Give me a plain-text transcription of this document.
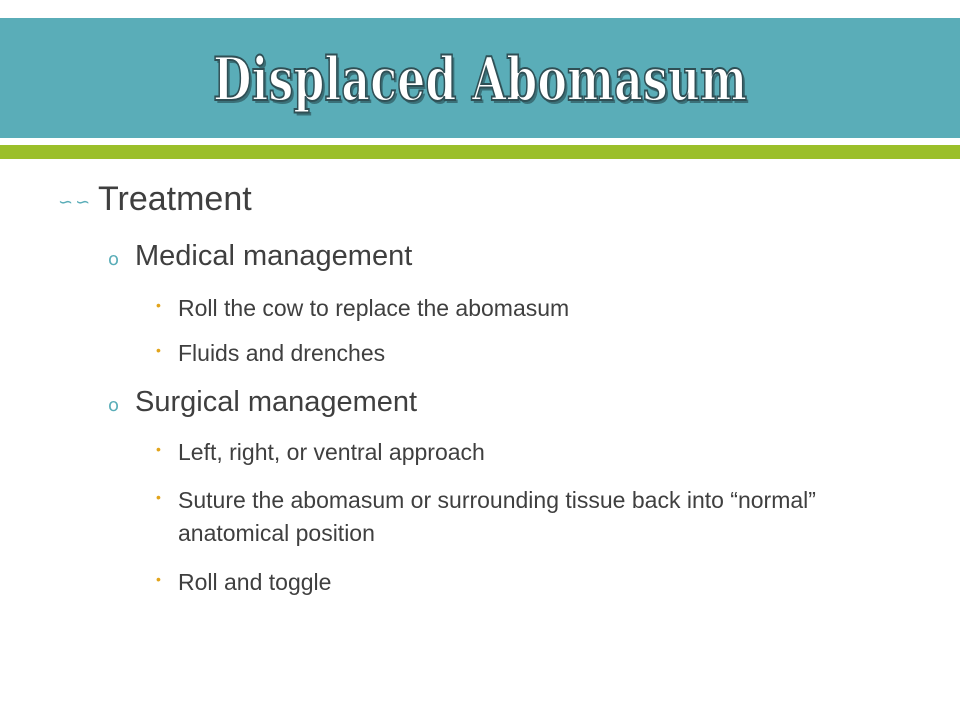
Displaced Abomasum
∽∽ Treatment
o Medical management
• Roll the cow to replace the abomasum
• Fluids and drenches
o Surgical management
• Left, right, or ventral approach
• Suture the abomasum or surrounding tissue back into “normal” anatomical position
• Roll and toggle
